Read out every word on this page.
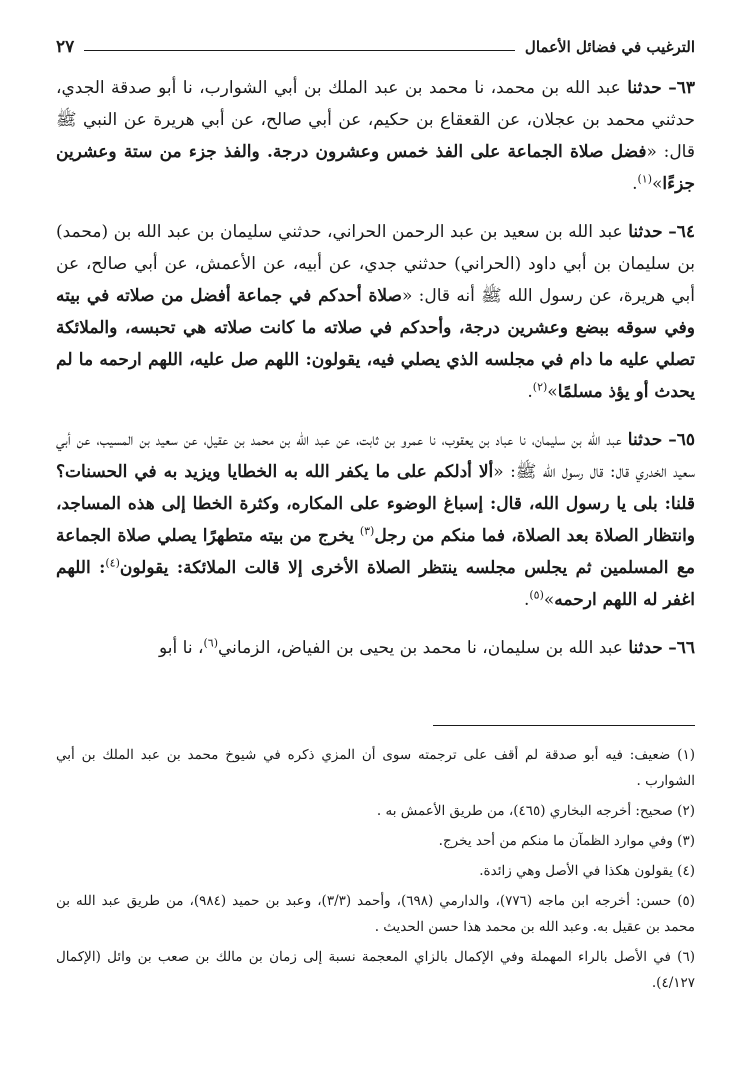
الترغيب في فضائل الأعمال
٢٧

٦٣– حدثنا عبد الله بن محمد، نا محمد بن عبد الملك بن أبي الشوارب، نا أبو صدقة الجدي، حدثني محمد بن عجلان، عن القعقاع بن حكيم، عن أبي صالح، عن أبي هريرة عن النبي ﷺ قال: «فضل صلاة الجماعة على الفذ خمس وعشرون درجة. والفذ جزء من ستة وعشرين جزءًا»$^{(١)}$.

٦٤– حدثنا عبد الله بن سعيد بن عبد الرحمن الحراني، حدثني سليمان بن عبد الله بن (محمد) بن سليمان بن أبي داود (الحراني) حدثني جدي، عن أبيه، عن الأعمش، عن أبي صالح، عن أبي هريرة، عن رسول الله ﷺ أنه قال: «صلاة أحدكم في جماعة أفضل من صلاته في بيته وفي سوقه ببضع وعشرين درجة، وأحدكم في صلاته ما كانت صلاته هي تحبسه، والملائكة تصلي عليه ما دام في مجلسه الذي يصلي فيه، يقولون: اللهم صل عليه، اللهم ارحمه ما لم يحدث أو يؤذ مسلمًا»$^{(٢)}$.

٦٥– حدثنا عبد الله بن سليمان، نا عباد بن يعقوب، نا عمرو بن ثابت، عن عبد الله بن محمد بن عقيل، عن سعيد بن المسيب، عن أبي سعيد الخدري قال: قال رسول الله ﷺ: «ألا أدلكم على ما يكفر الله به الخطايا ويزيد به في الحسنات؟ قلنا: بلى يا رسول الله، قال: إسباغ الوضوء على المكاره، وكثرة الخطا إلى هذه المساجد، وانتظار الصلاة بعد الصلاة، فما منكم من رجل$^{(٣)}$ يخرج من بيته متطهرًا يصلي صلاة الجماعة مع المسلمين ثم يجلس مجلسه ينتظر الصلاة الأخرى إلا قالت الملائكة: يقولون$^{(٤)}$: اللهم اغفر له اللهم ارحمه»$^{(٥)}$.

٦٦– حدثنا عبد الله بن سليمان، نا محمد بن يحيى بن الفياض، الزماني$^{(٦)}$، نا أبو

(١) ضعيف: فيه أبو صدقة لم أقف على ترجمته سوى أن المزي ذكره في شيوخ محمد بن عبد الملك بن أبي الشوارب .

(٢) صحيح: أخرجه البخاري (٤٦٥)، من طريق الأعمش به .

(٣) وفي موارد الظمآن ما منكم من أحد يخرج.

(٤) يقولون هكذا في الأصل وهي زائدة.

(٥) حسن: أخرجه ابن ماجه (٧٧٦)، والدارمي (٦٩٨)، وأحمد (٣/٣)، وعبد بن حميد (٩٨٤)، من طريق عبد الله بن محمد بن عقيل به. وعبد الله بن محمد هذا حسن الحديث .

(٦) في الأصل بالراء المهملة وفي الإكمال بالزاي المعجمة نسبة إلى زمان بن مالك بن صعب بن وائل (الإكمال ٤/١٢٧).
